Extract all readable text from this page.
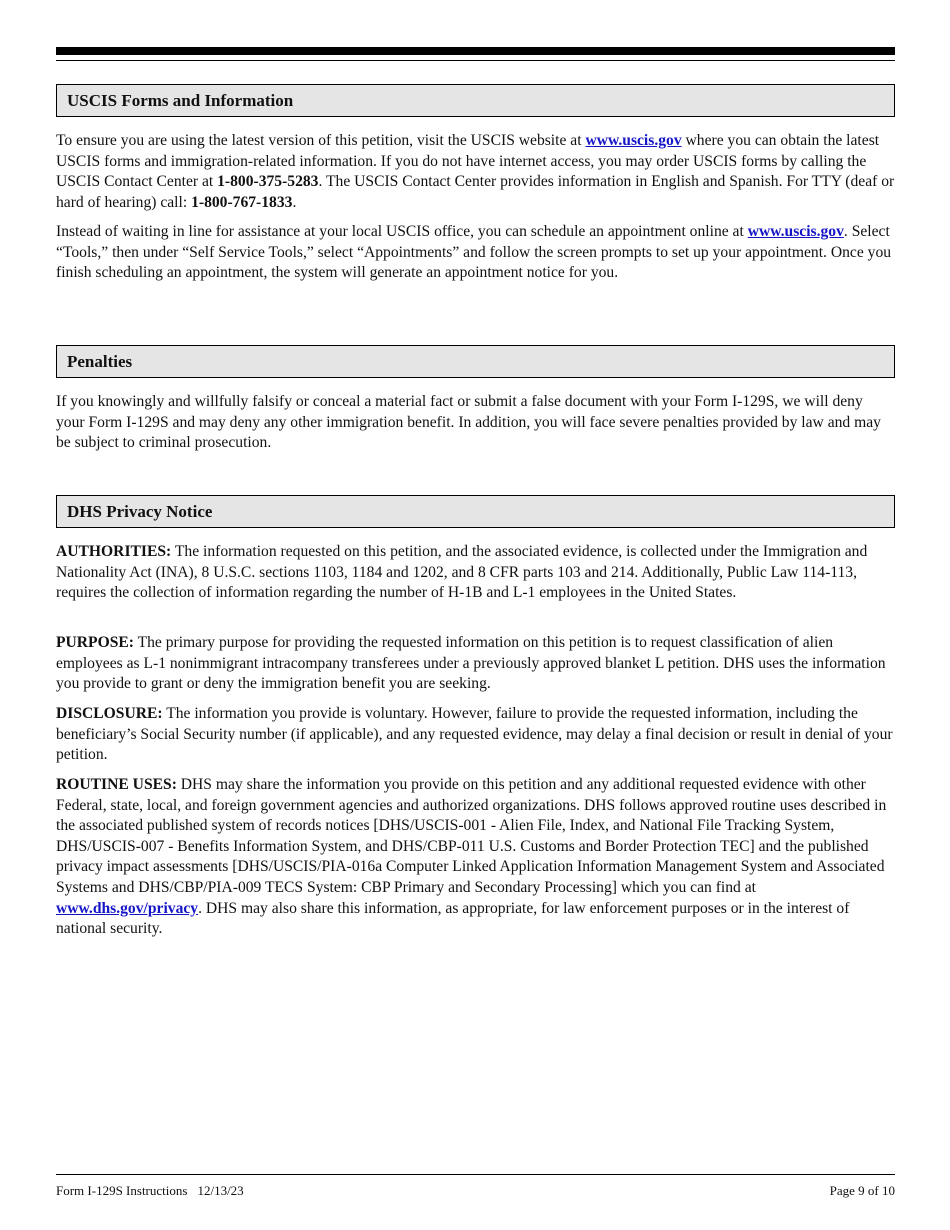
USCIS Forms and Information

To ensure you are using the latest version of this petition, visit the USCIS website at www.uscis.gov where you can obtain the latest USCIS forms and immigration-related information. If you do not have internet access, you may order USCIS forms by calling the USCIS Contact Center at 1-800-375-5283. The USCIS Contact Center provides information in English and Spanish. For TTY (deaf or hard of hearing) call: 1-800-767-1833.

Instead of waiting in line for assistance at your local USCIS office, you can schedule an appointment online at www.uscis.gov. Select “Tools,” then under “Self Service Tools,” select “Appointments” and follow the screen prompts to set up your appointment. Once you finish scheduling an appointment, the system will generate an appointment notice for you.

Penalties

If you knowingly and willfully falsify or conceal a material fact or submit a false document with your Form I-129S, we will deny your Form I-129S and may deny any other immigration benefit. In addition, you will face severe penalties provided by law and may be subject to criminal prosecution.

DHS Privacy Notice

AUTHORITIES: The information requested on this petition, and the associated evidence, is collected under the Immigration and Nationality Act (INA), 8 U.S.C. sections 1103, 1184 and 1202, and 8 CFR parts 103 and 214. Additionally, Public Law 114-113, requires the collection of information regarding the number of H-1B and L-1 employees in the United States.

PURPOSE: The primary purpose for providing the requested information on this petition is to request classification of alien employees as L-1 nonimmigrant intracompany transferees under a previously approved blanket L petition. DHS uses the information you provide to grant or deny the immigration benefit you are seeking.

DISCLOSURE: The information you provide is voluntary. However, failure to provide the requested information, including the beneficiary’s Social Security number (if applicable), and any requested evidence, may delay a final decision or result in denial of your petition.

ROUTINE USES: DHS may share the information you provide on this petition and any additional requested evidence with other Federal, state, local, and foreign government agencies and authorized organizations. DHS follows approved routine uses described in the associated published system of records notices [DHS/USCIS-001 - Alien File, Index, and National File Tracking System, DHS/USCIS-007 - Benefits Information System, and DHS/CBP-011 U.S. Customs and Border Protection TEC] and the published privacy impact assessments [DHS/USCIS/PIA-016a Computer Linked Application Information Management System and Associated Systems and DHS/CBP/PIA-009 TECS System: CBP Primary and Secondary Processing] which you can find at www.dhs.gov/privacy. DHS may also share this information, as appropriate, for law enforcement purposes or in the interest of national security.

Form I-129S Instructions 12/13/23	Page 9 of 10
